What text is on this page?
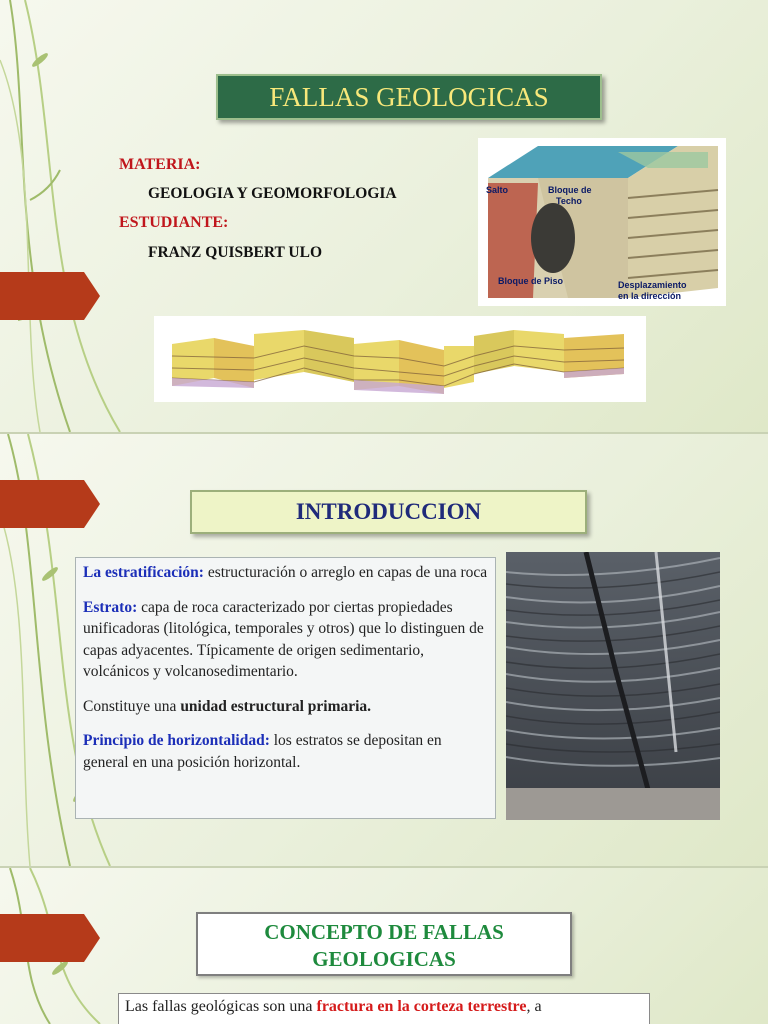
FALLAS GEOLOGICAS
MATERIA:
GEOLOGIA Y GEOMORFOLOGIA
ESTUDIANTE:
FRANZ QUISBERT ULO
Salto	Bloque de
Techo
Bloque de Piso	Desplazamiento
en la dirección
INTRODUCCION

La estratificación: estructuración o arreglo en capas de una roca

Estrato: capa de roca caracterizado por ciertas propiedades unificadoras (litológica, temporales y otros) que lo distinguen de capas adyacentes. Típicamente de origen sedimentario, volcánicos y volcanosedimentario.

Constituye una unidad estructural primaria.

Principio de horizontalidad: los estratos se depositan en general en una posición horizontal.

CONCEPTO DE FALLAS
GEOLOGICAS
Las fallas geológicas son una fractura en la corteza terrestre, a
